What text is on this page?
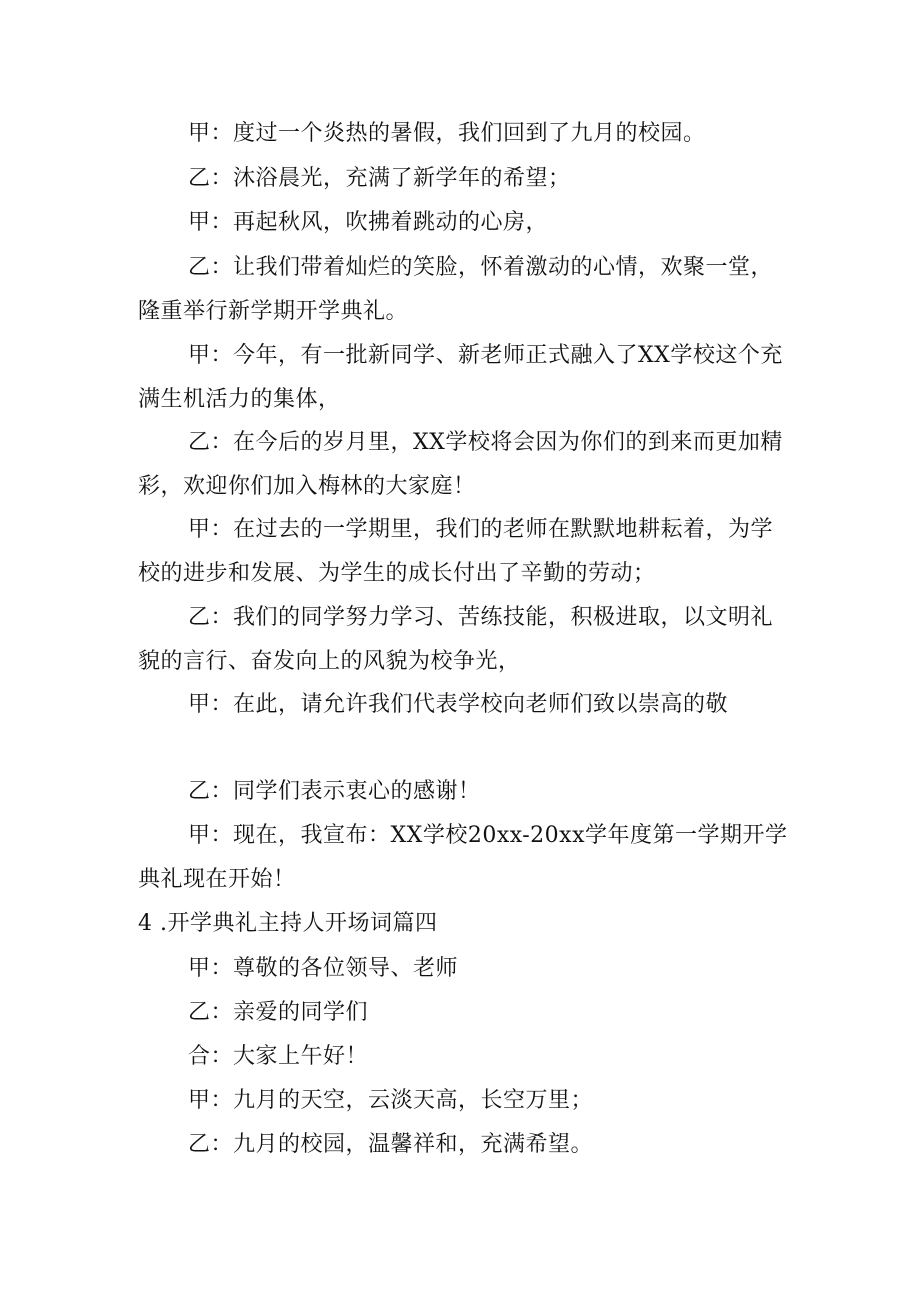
甲：度过一个炎热的暑假，我们回到了九月的校园。

乙：沐浴晨光，充满了新学年的希望；

甲：再起秋风，吹拂着跳动的心房，

乙：让我们带着灿烂的笑脸，怀着激动的心情，欢聚一堂，隆重举行新学期开学典礼。

甲：今年，有一批新同学、新老师正式融入了XX学校这个充满生机活力的集体，

乙：在今后的岁月里，XX学校将会因为你们的到来而更加精彩，欢迎你们加入梅林的大家庭！

甲：在过去的一学期里，我们的老师在默默地耕耘着，为学校的进步和发展、为学生的成长付出了辛勤的劳动；

乙：我们的同学努力学习、苦练技能，积极进取，以文明礼貌的言行、奋发向上的风貌为校争光，

甲：在此，请允许我们代表学校向老师们致以崇高的敬

乙：同学们表示衷心的感谢！

甲：现在，我宣布：XX学校20xx-20xx学年度第一学期开学典礼现在开始！

4 .开学典礼主持人开场词篇四

甲：尊敬的各位领导、老师

乙：亲爱的同学们

合：大家上午好！

甲：九月的天空，云淡天高，长空万里；

乙：九月的校园，温馨祥和，充满希望。
